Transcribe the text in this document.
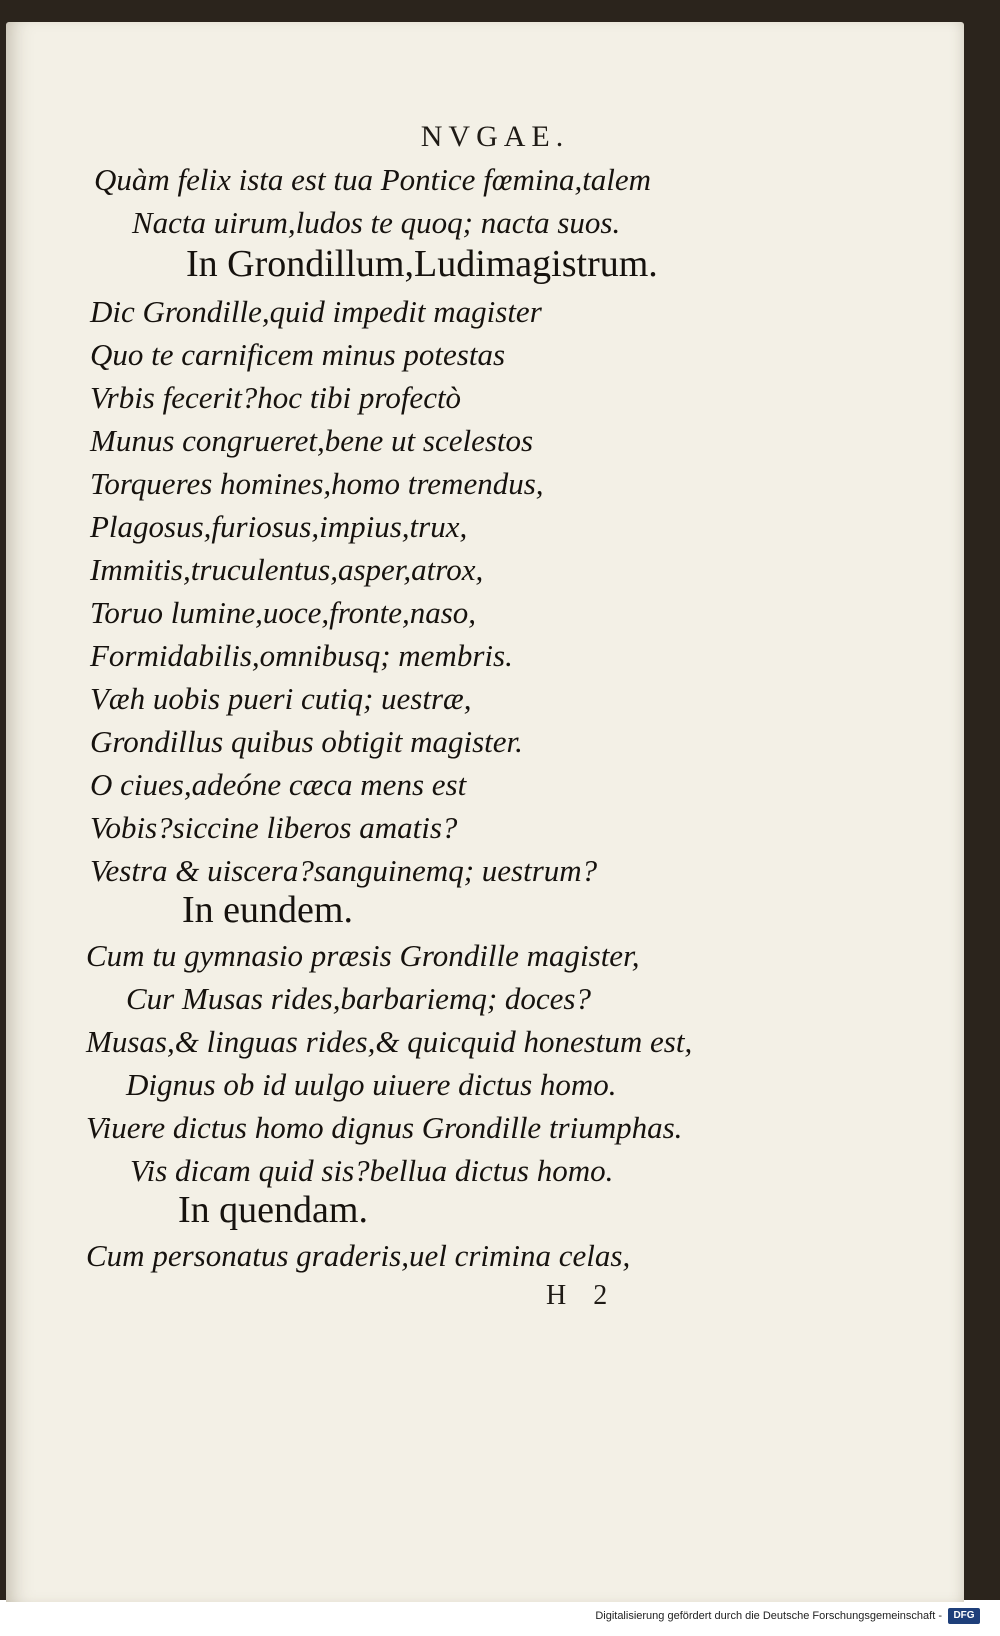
NVGAE.
Quàm felix ista est tua Pontice fœmina,talem
Nacta uirum,ludos te quoq; nacta suos.
In Grondillum,Ludimagistrum.
Dic Grondille,quid impedit magister
Quo te carnificem minus potestas
Vrbis fecerit?hoc tibi profectò
Munus congrueret,bene ut scelestos
Torqueres homines,homo tremendus,
Plagosus,furiosus,impius,trux,
Immitis,truculentus,asper,atrox,
Toruo lumine,uoce,fronte,naso,
Formidabilis,omnibusq; membris.
Væh uobis pueri cutiq; uestræ,
Grondillus quibus obtigit magister.
O ciues,adeóne cæca mens est
Vobis?siccine liberos amatis?
Vestra & uiscera?sanguinemq; uestrum?
In eundem.
Cum tu gymnasio præsis Grondille magister,
Cur Musas rides,barbariemq; doces?
Musas,& linguas rides,& quicquid honestum est,
Dignus ob id uulgo uiuere dictus homo.
Viuere dictus homo dignus Grondille triumphas.
Vis dicam quid sis?bellua dictus homo.
In quendam.
Cum personatus graderis,uel crimina celas,
H 2
Digitalisierung gefördert durch die Deutsche Forschungsgemeinschaft -	DFG
